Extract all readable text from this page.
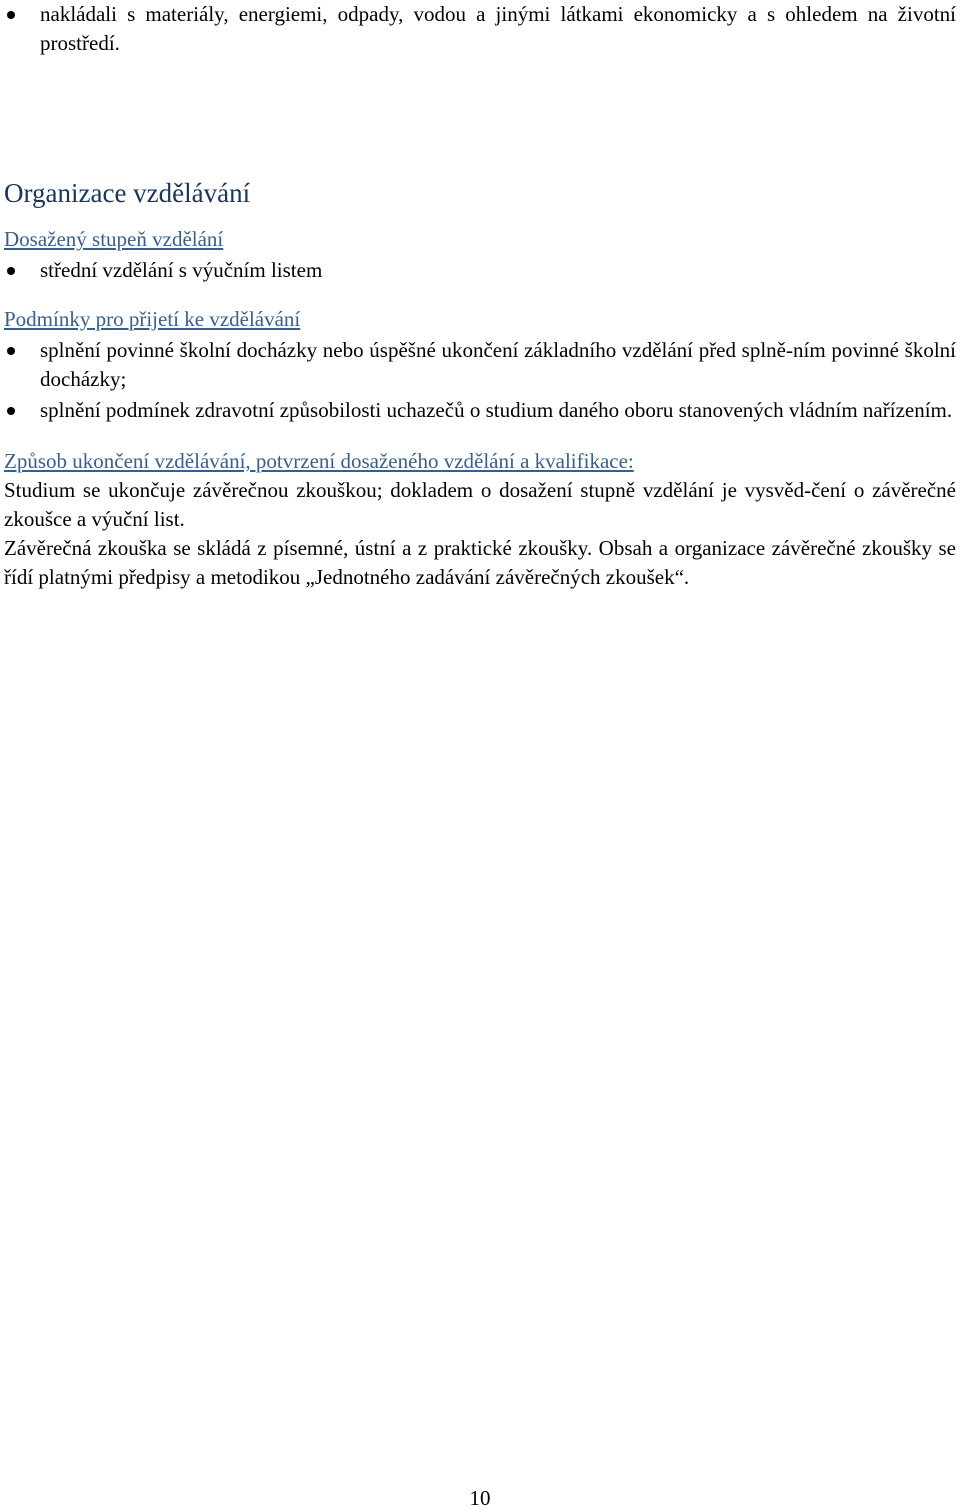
nakládali s materiály, energiemi, odpady, vodou a jinými látkami ekonomicky a s ohledem na životní prostředí.
Organizace vzdělávání
Dosažený stupeň vzdělání
střední vzdělání s výučním listem
Podmínky pro přijetí ke vzdělávání
splnění povinné školní docházky nebo úspěšné ukončení základního vzdělání před splně-ním povinné školní docházky;
splnění podmínek zdravotní způsobilosti uchazečů o studium daného oboru stanovených vládním nařízením.
Způsob ukončení vzdělávání, potvrzení dosaženého vzdělání a kvalifikace:

Studium se ukončuje závěrečnou zkouškou; dokladem o dosažení stupně vzdělání je vysvěd-čení o závěrečné zkoušce a výuční list.

Závěrečná zkouška se skládá z písemné, ústní a z praktické zkoušky. Obsah a organizace závěrečné zkoušky se řídí platnými předpisy a metodikou „Jednotného zadávání závěrečných zkoušek“.

10
